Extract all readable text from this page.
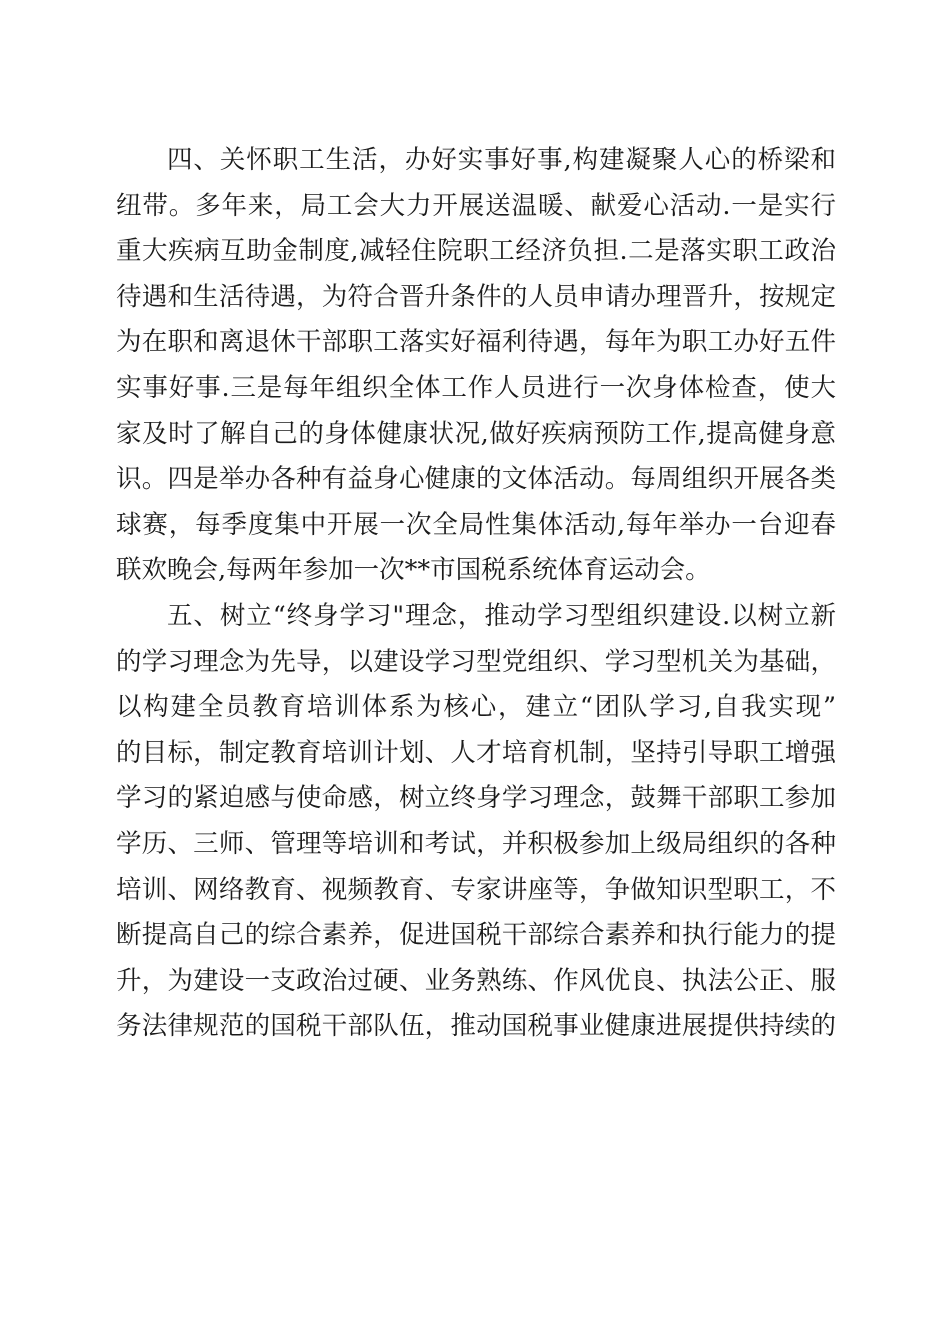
四、关怀职工生活，办好实事好事,构建凝聚人心的桥梁和
纽带。多年来，局工会大力开展送温暖、献爱心活动.一是实行
重大疾病互助金制度,减轻住院职工经济负担.二是落实职工政治
待遇和生活待遇，为符合晋升条件的人员申请办理晋升，按规定
为在职和离退休干部职工落实好福利待遇，每年为职工办好五件
实事好事.三是每年组织全体工作人员进行一次身体检查，使大
家及时了解自己的身体健康状况,做好疾病预防工作,提高健身意
识。四是举办各种有益身心健康的文体活动。每周组织开展各类
球赛，每季度集中开展一次全局性集体活动,每年举办一台迎春
联欢晚会,每两年参加一次**市国税系统体育运动会。
五、树立“终身学习"理念，推动学习型组织建设.以树立新
的学习理念为先导，以建设学习型党组织、学习型机关为基础，
以构建全员教育培训体系为核心，建立“团队学习,自我实现”
的目标，制定教育培训计划、人才培育机制，坚持引导职工增强
学习的紧迫感与使命感，树立终身学习理念，鼓舞干部职工参加
学历、三师、管理等培训和考试，并积极参加上级局组织的各种
培训、网络教育、视频教育、专家讲座等，争做知识型职工，不
断提高自己的综合素养，促进国税干部综合素养和执行能力的提
升，为建设一支政治过硬、业务熟练、作风优良、执法公正、服
务法律规范的国税干部队伍，推动国税事业健康进展提供持续的
